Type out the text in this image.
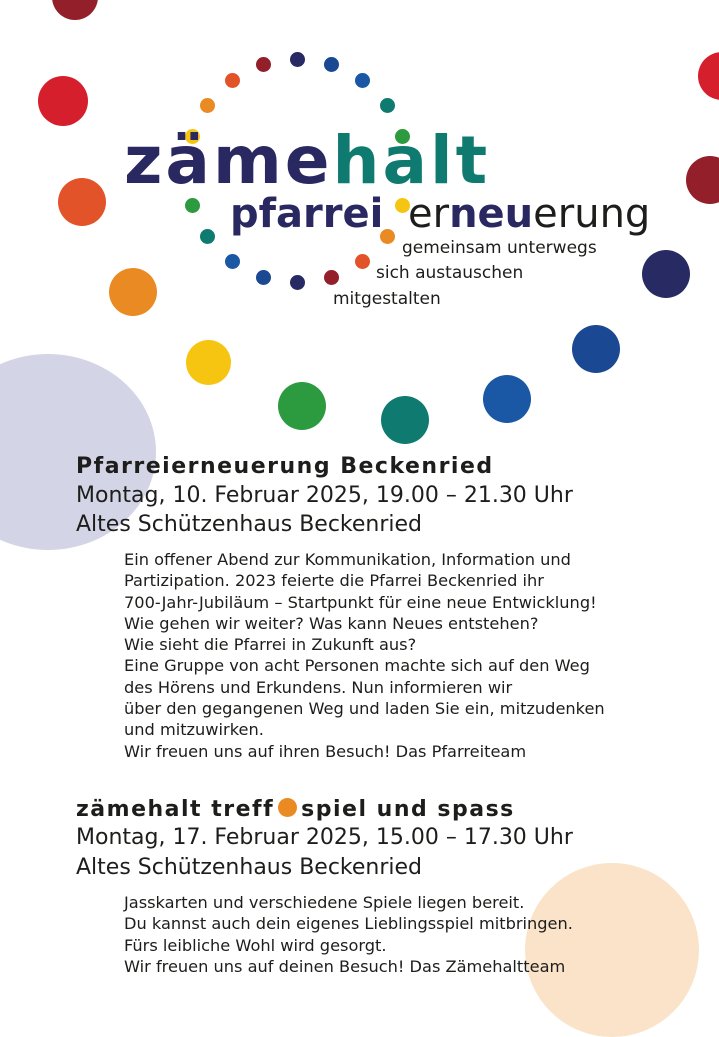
zämehalt
pfarrei erneuerung
gemeinsam unterwegs
sich austauschen
mitgestalten
Pfarreierneuerung Beckenried
Montag, 10. Februar 2025, 19.00 – 21.30 Uhr
Altes Schützenhaus Beckenried
Ein offener Abend zur Kommunikation, Information und
Partizipation. 2023 feierte die Pfarrei Beckenried ihr
700-Jahr-Jubiläum – Startpunkt für eine neue Entwicklung!
Wie gehen wir weiter? Was kann Neues entstehen?
Wie sieht die Pfarrei in Zukunft aus?
Eine Gruppe von acht Personen machte sich auf den Weg
des Hörens und Erkundens. Nun informieren wir
über den gegangenen Weg und laden Sie ein, mitzudenken
und mitzuwirken.
Wir freuen uns auf ihren Besuch! Das Pfarreiteam
zämehalt treff spiel und spass
Montag, 17. Februar 2025, 15.00 – 17.30 Uhr
Altes Schützenhaus Beckenried
Jasskarten und verschiedene Spiele liegen bereit.
Du kannst auch dein eigenes Lieblingsspiel mitbringen.
Fürs leibliche Wohl wird gesorgt.
Wir freuen uns auf deinen Besuch! Das Zämehaltteam
